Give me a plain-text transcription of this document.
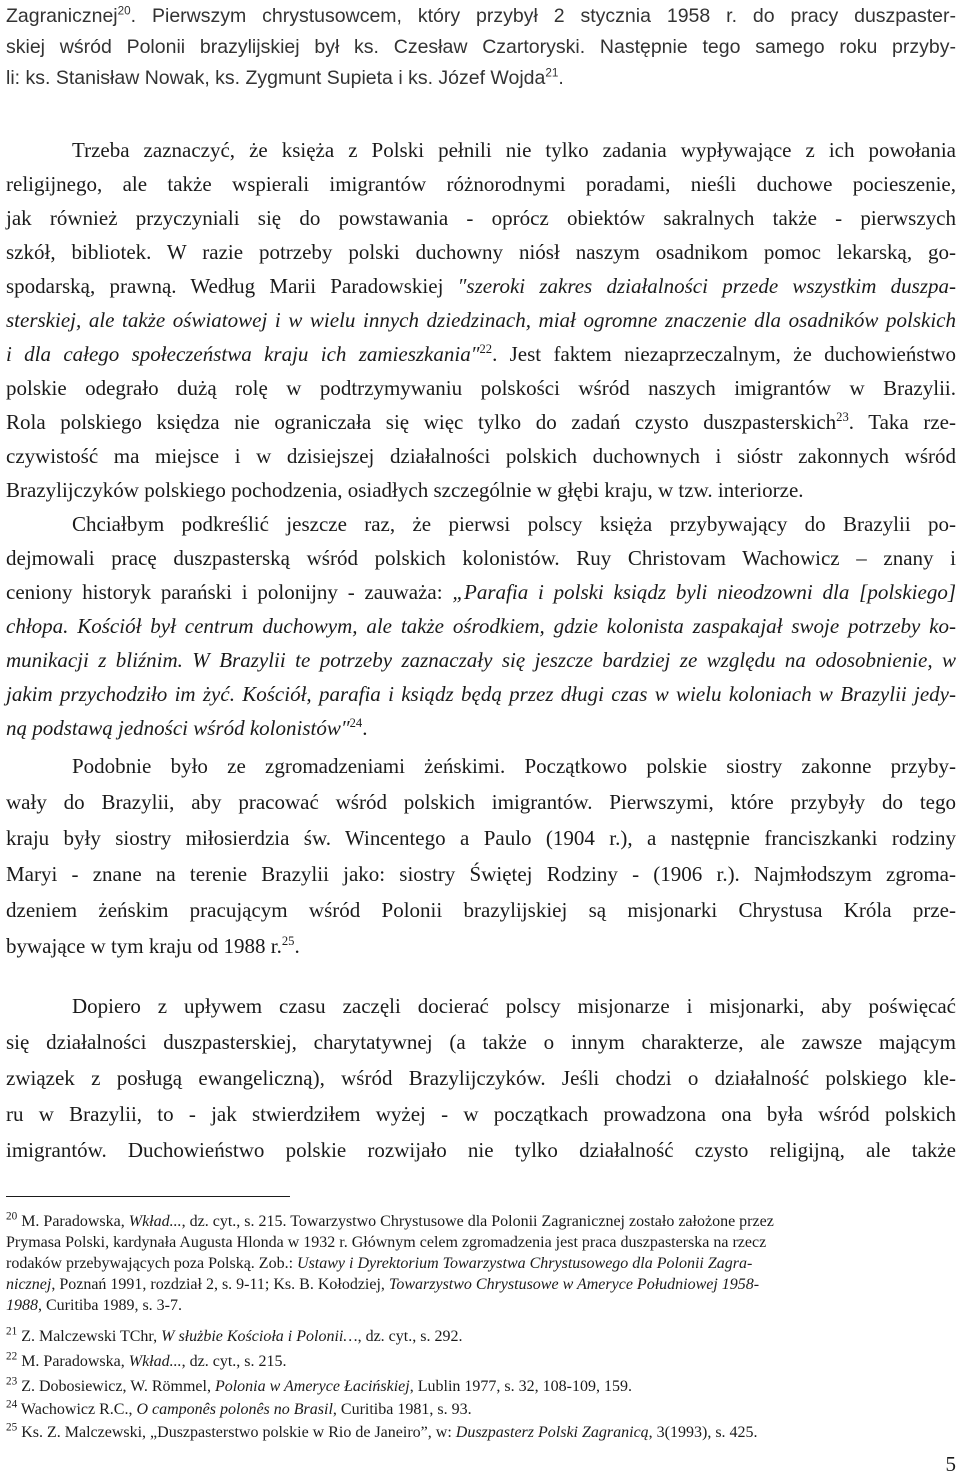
Zagranicznej$^{20}$. Pierwszym chrystusowcem, który przybył 2 stycznia 1958 r. do pracy duszpaster-

skiej wśród Polonii brazylijskiej był ks. Czesław Czartoryski. Następnie tego samego roku przyby-

li: ks. Stanisław Nowak, ks. Zygmunt Supieta i ks. Józef Wojda$^{21}$.

Trzeba zaznaczyć, że księża z Polski pełnili nie tylko zadania wypływające z ich powołania

religijnego, ale także wspierali imigrantów różnorodnymi poradami, nieśli duchowe pocieszenie,

jak również przyczyniali się do powstawania - oprócz obiektów sakralnych także - pierwszych

szkół, bibliotek. W razie potrzeby polski duchowny niósł naszym osadnikom pomoc lekarską, go-

spodarską, prawną. Według Marii Paradowskiej ″szeroki zakres działalności przede wszystkim duszpa-

sterskiej, ale także oświatowej i w wielu innych dziedzinach, miał ogromne znaczenie dla osadników polskich

i dla całego społeczeństwa kraju ich zamieszkania″$^{22}$. Jest faktem niezaprzeczalnym, że duchowieństwo

polskie odegrało dużą rolę w podtrzymywaniu polskości wśród naszych imigrantów w Brazylii.

Rola polskiego księdza nie ograniczała się więc tylko do zadań czysto duszpasterskich$^{23}$. Taka rze-

czywistość ma miejsce i w dzisiejszej działalności polskich duchownych i sióstr zakonnych wśród

Brazylijczyków polskiego pochodzenia, osiadłych szczególnie w głębi kraju, w tzw. interiorze.

Chciałbym podkreślić jeszcze raz, że pierwsi polscy księża przybywający do Brazylii po-

dejmowali pracę duszpasterską wśród polskich kolonistów. Ruy Christovam Wachowicz – znany i

ceniony historyk parański i polonijny - zauważa: „Parafia i polski ksiądz byli nieodzowni dla [polskiego]

chłopa. Kościół był centrum duchowym, ale także ośrodkiem, gdzie kolonista zaspakajał swoje potrzeby ko-

munikacji z bliźnim. W Brazylii te potrzeby zaznaczały się jeszcze bardziej ze względu na odosobnienie, w

jakim przychodziło im żyć. Kościół, parafia i ksiądz będą przez długi czas w wielu koloniach w Brazylii jedy-

ną podstawą jedności wśród kolonistów″$^{24}$.

Podobnie było ze zgromadzeniami żeńskimi. Początkowo polskie siostry zakonne przyby-

wały do Brazylii, aby pracować wśród polskich imigrantów. Pierwszymi, które przybyły do tego

kraju były siostry miłosierdzia św. Wincentego a Paulo (1904 r.), a następnie franciszkanki rodziny

Maryi - znane na terenie Brazylii jako: siostry Świętej Rodziny - (1906 r.). Najmłodszym zgroma-

dzeniem żeńskim pracującym wśród Polonii brazylijskiej są misjonarki Chrystusa Króla prze-

bywające w tym kraju od 1988 r.$^{25}$.

Dopiero z upływem czasu zaczęli docierać polscy misjonarze i misjonarki, aby poświęcać

się działalności duszpasterskiej, charytatywnej (a także o innym charakterze, ale zawsze mającym

związek z posługą ewangeliczną), wśród Brazylijczyków. Jeśli chodzi o działalność polskiego kle-

ru w Brazylii, to - jak stwierdziłem wyżej - w początkach prowadzona ona była wśród polskich

imigrantów. Duchowieństwo polskie rozwijało nie tylko działalność czysto religijną, ale także

$^{20}$ M. Paradowska, Wkład..., dz. cyt., s. 215. Towarzystwo Chrystusowe dla Polonii Zagranicznej zostało założone przez

Prymasa Polski, kardynała Augusta Hlonda w 1932 r. Głównym celem zgromadzenia jest praca duszpasterska na rzecz

rodaków przebywających poza Polską. Zob.: Ustawy i Dyrektorium Towarzystwa Chrystusowego dla Polonii Zagra-

nicznej, Poznań 1991, rozdział 2, s. 9-11; Ks. B. Kołodziej, Towarzystwo Chrystusowe w Ameryce Południowej 1958-

1988, Curitiba 1989, s. 3-7.

$^{21}$ Z. Malczewski TChr, W służbie Kościoła i Polonii…, dz. cyt., s. 292.

$^{22}$ M. Paradowska, Wkład..., dz. cyt., s. 215.

$^{23}$ Z. Dobosiewicz, W. Römmel, Polonia w Ameryce Łacińskiej, Lublin 1977, s. 32, 108-109, 159.

$^{24}$ Wachowicz R.C., O camponês polonês no Brasil, Curitiba 1981, s. 93.

$^{25}$ Ks. Z. Malczewski, „Duszpasterstwo polskie w Rio de Janeiro”, w: Duszpasterz Polski Zagranicą, 3(1993), s. 425.

5
